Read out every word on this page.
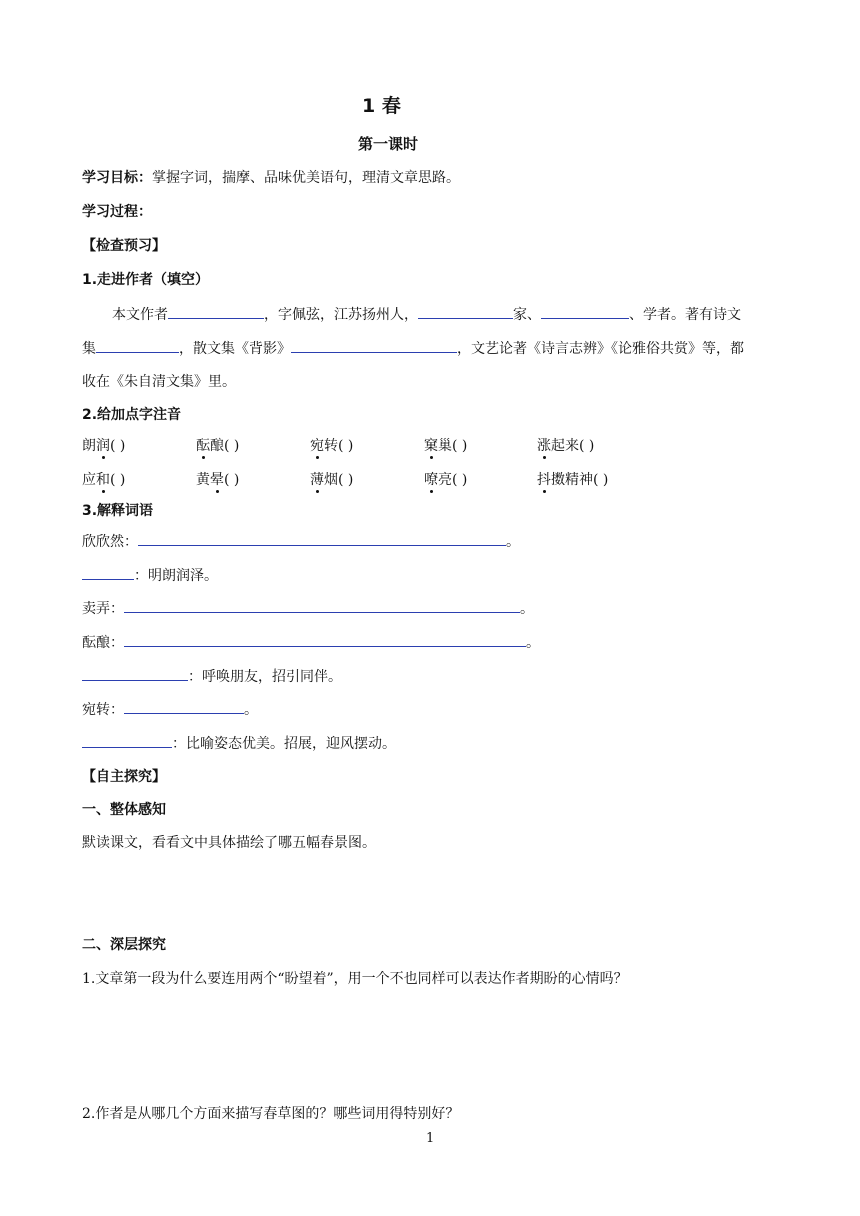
1 春
第一课时
学习目标：掌握字词，揣摩、品味优美语句，理清文章思路。
学习过程：
【检查预习】
1.走进作者（填空）
本文作者	，字佩弦，江苏扬州人，	家、	、学者。著有诗文
集	，散文集《背影》	，文艺论著《诗言志辨》《论雅俗共赏》等，都
收在《朱自清文集》里。
2.给加点字注音
朗润( )	酝酿( )	宛转( )	窠巢( )	涨起来( )
应和( )	黄晕( )	薄烟( )	嘹亮( )	抖擞精神( )
3.解释词语
欣欣然：	。
：明朗润泽。
卖弄：	。
酝酿：	。
：呼唤朋友，招引同伴。
宛转：	。
：比喻姿态优美。招展，迎风摆动。
【自主探究】
一、整体感知
默读课文，看看文中具体描绘了哪五幅春景图。
二、深层探究
1.文章第一段为什么要连用两个“盼望着”，用一个不也同样可以表达作者期盼的心情吗？
2.作者是从哪几个方面来描写春草图的？哪些词用得特别好？
1
